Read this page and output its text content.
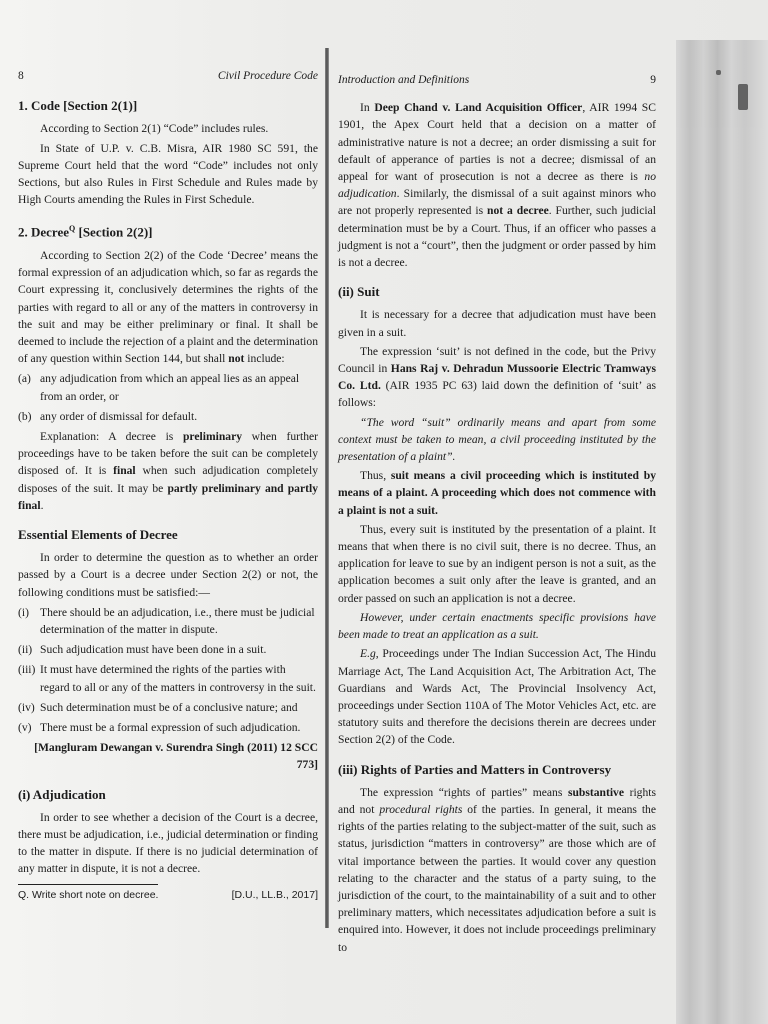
8	Civil Procedure Code
1. Code [Section 2(1)]

According to Section 2(1) “Code” includes rules.

In State of U.P. v. C.B. Misra, AIR 1980 SC 591, the Supreme Court held that the word “Code” includes not only Sections, but also Rules in First Schedule and Rules made by High Courts amending the Rules in First Schedule.

2. Decree$^Q$ [Section 2(2)]

According to Section 2(2) of the Code ‘Decree’ means the formal expression of an adjudication which, so far as regards the Court expressing it, conclusively determines the rights of the parties with regard to all or any of the matters in controversy in the suit and may be either preliminary or final. It shall be deemed to include the rejection of a plaint and the determination of any question within Section 144, but shall not include:

(a) any adjudication from which an appeal lies as an appeal from an order, or
(b) any order of dismissal for default.

Explanation: A decree is preliminary when further proceedings have to be taken before the suit can be completely disposed of. It is final when such adjudication completely disposes of the suit. It may be partly preliminary and partly final.

Essential Elements of Decree

In order to determine the question as to whether an order passed by a Court is a decree under Section 2(2) or not, the following conditions must be satisfied:—

(i) There should be an adjudication, i.e., there must be judicial determination of the matter in dispute.
(ii) Such adjudication must have been done in a suit.
(iii) It must have determined the rights of the parties with regard to all or any of the matters in controversy in the suit.
(iv) Such determination must be of a conclusive nature; and
(v) There must be a formal expression of such adjudication.
[Mangluram Dewangan v. Surendra Singh (2011) 12 SCC 773]
(i) Adjudication

In order to see whether a decision of the Court is a decree, there must be adjudication, i.e., judicial determination or finding to the matter in dispute. If there is no judicial determination of any matter in dispute, it is not a decree.

Q. Write short note on decree.	[D.U., LL.B., 2017]
Introduction and Definitions	9

In Deep Chand v. Land Acquisition Officer, AIR 1994 SC 1901, the Apex Court held that a decision on a matter of administrative nature is not a decree; an order dismissing a suit for default of apperance of parties is not a decree; dismissal of an appeal for want of prosecution is not a decree as there is no adjudication. Similarly, the dismissal of a suit against minors who are not properly represented is not a decree. Further, such judicial determination must be by a Court. Thus, if an officer who passes a judgment is not a “court”, then the judgment or order passed by him is not a decree.

(ii) Suit

It is necessary for a decree that adjudication must have been given in a suit.

The expression ‘suit’ is not defined in the code, but the Privy Council in Hans Raj v. Dehradun Mussoorie Electric Tramways Co. Ltd. (AIR 1935 PC 63) laid down the definition of ‘suit’ as follows:

“The word “suit” ordinarily means and apart from some context must be taken to mean, a civil proceeding instituted by the presentation of a plaint”.

Thus, suit means a civil proceeding which is instituted by means of a plaint. A proceeding which does not commence with a plaint is not a suit.

Thus, every suit is instituted by the presentation of a plaint. It means that when there is no civil suit, there is no decree. Thus, an application for leave to sue by an indigent person is not a suit, as the application becomes a suit only after the leave is granted, and an order passed on such an application is not a decree.

However, under certain enactments specific provisions have been made to treat an application as a suit.

E.g, Proceedings under The Indian Succession Act, The Hindu Marriage Act, The Land Acquisition Act, The Arbitration Act, The Guardians and Wards Act, The Provincial Insolvency Act, proceedings under Section 110A of The Motor Vehicles Act, etc. are statutory suits and therefore the decisions therein are decrees under Section 2(2) of the Code.

(iii) Rights of Parties and Matters in Controversy

The expression “rights of parties” means substantive rights and not procedural rights of the parties. In general, it means the rights of the parties relating to the subject-matter of the suit, such as status, jurisdiction “matters in controversy” are those which are of vital importance between the parties. It would cover any question relating to the character and the status of a party suing, to the jurisdiction of the court, to the maintainability of a suit and to other preliminary matters, which necessitates adjudication before a suit is enquired into. However, it does not include proceedings preliminary to
